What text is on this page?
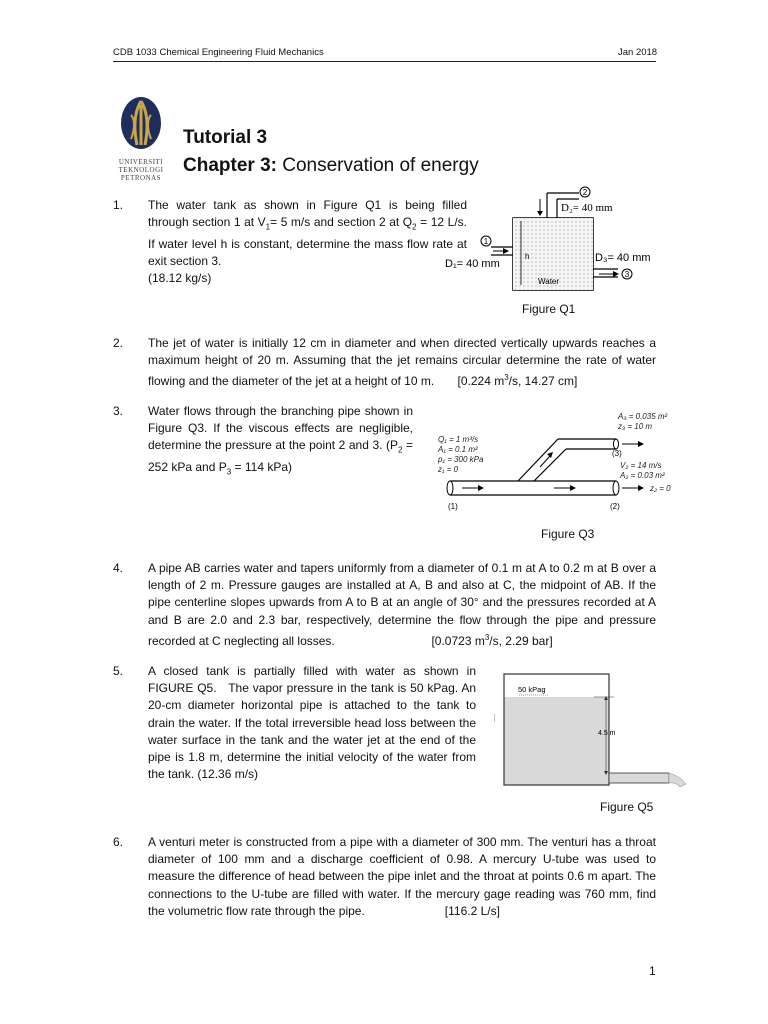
CDB 1033 Chemical Engineering Fluid Mechanics	Jan 2018
UNIVERSITI
TEKNOLOGI
PETRONAS
Tutorial 3
Chapter 3: Conservation of energy
1. The water tank as shown in Figure Q1 is being filled through section 1 at $V_1= 5$ m/s and section 2 at $Q_2 = 12$ L/s. If water level h is constant, determine the mass flow rate at exit section 3.
(18.12 kg/s)
2
D₂= 40 mm
1
D₁= 40 mm
h
Water
3
D₃= 40 mm
Figure Q1
2. The jet of water is initially 12 cm in diameter and when directed vertically upwards reaches a maximum height of 20 m. Assuming that the jet remains circular determine the rate of water flowing and the diameter of the jet at a height of 10 m.       [0.224 $m^3/s$, 14.27 cm]
3. Water flows through the branching pipe shown in Figure Q3. If the viscous effects are negligible, determine the pressure at the point 2 and 3. ($P_2 = 252$ kPa and $P_3 = 114$ kPa)
Q₁ = 1 m³/s
A₁ = 0.1 m²
p₁ = 300 kPa
z₁ = 0
A₃ = 0.035 m²
z₃ = 10 m
V₂ = 14 m/s
A₂ = 0.03 m²
z₂ = 0
(1)	(2)
(3)
Figure Q3
4. A pipe AB carries water and tapers uniformly from a diameter of 0.1 m at A to 0.2 m at B over a length of 2 m. Pressure gauges are installed at A, B and also at C, the midpoint of AB. If the pipe centerline slopes upwards from A to B at an angle of 30° and the pressures recorded at A and B are 2.0 and 2.3 bar, respectively, determine the flow through the pipe and pressure recorded at C neglecting all losses.                             [0.0723 $m^3/s$, 2.29 bar]
5. A closed tank is partially filled with water as shown in FIGURE Q5.   The vapor pressure in the tank is 50 kPag. An 20-cm diameter horizontal pipe is attached to the tank to drain the water. If the total irreversible head loss between the water surface in the tank and the water jet at the end of the pipe is 1.8 m, determine the initial velocity of the water from the tank. (12.36 m/s)
50 kPag
4.5 m
Figure Q5
6. A venturi meter is constructed from a pipe with a diameter of 300 mm. The venturi has a throat diameter of 100 mm and a discharge coefficient of 0.98. A mercury U-tube was used to measure the difference of head between the pipe inlet and the throat at points 0.6 m apart. The connections to the U-tube are filled with water. If the mercury gage reading was 760 mm, find the volumetric flow rate through the pipe.                        [116.2 L/s]
1
